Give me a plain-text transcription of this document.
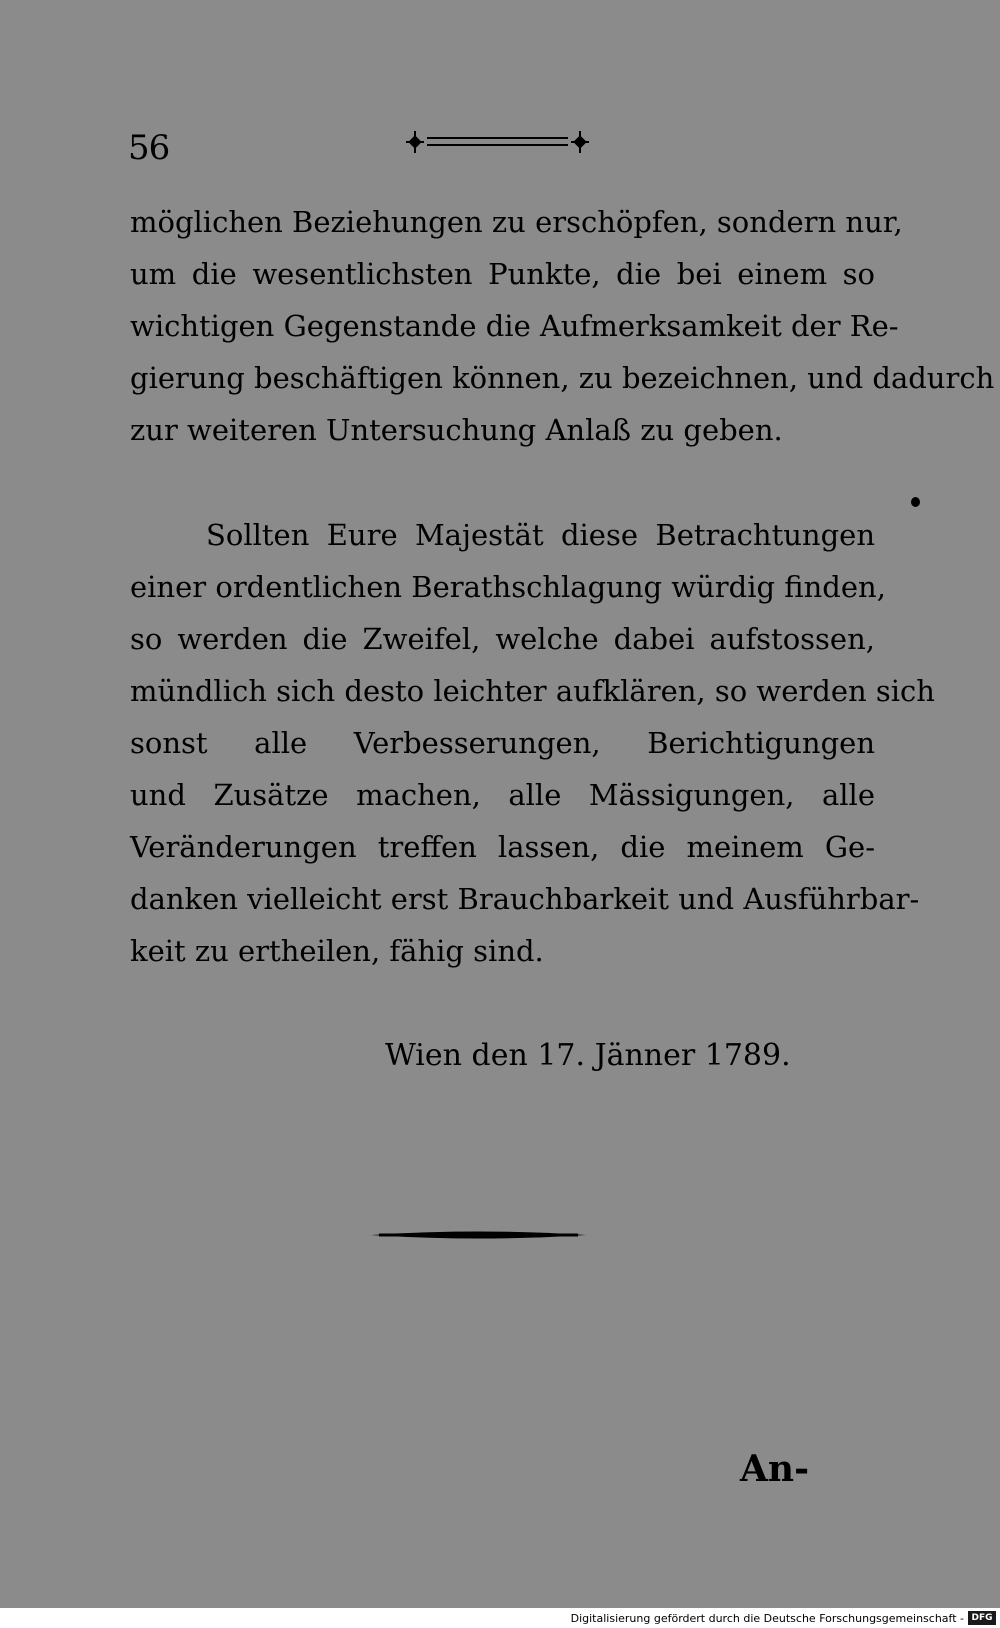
56
möglichen Beziehungen zu erschöpfen, sondern nur,
um die wesentlichsten Punkte, die bei einem so
wichtigen Gegenstande die Aufmerksamkeit der Re-
gierung beschäftigen können, zu bezeichnen, und dadurch
zur weiteren Untersuchung Anlaß zu geben.
Sollten Eure Majestät diese Betrachtungen
einer ordentlichen Berathschlagung würdig finden,
so werden die Zweifel, welche dabei aufstossen,
mündlich sich desto leichter aufklären, so werden sich
sonst alle Verbesserungen, Berichtigungen
und Zusätze machen, alle Mässigungen, alle
Veränderungen treffen lassen, die meinem Ge-
danken vielleicht erst Brauchbarkeit und Ausführbar-
keit zu ertheilen, fähig sind.
Wien den 17. Jänner 1789.
An-
Digitalisierung gefördert durch die Deutsche Forschungsgemeinschaft - DFG
